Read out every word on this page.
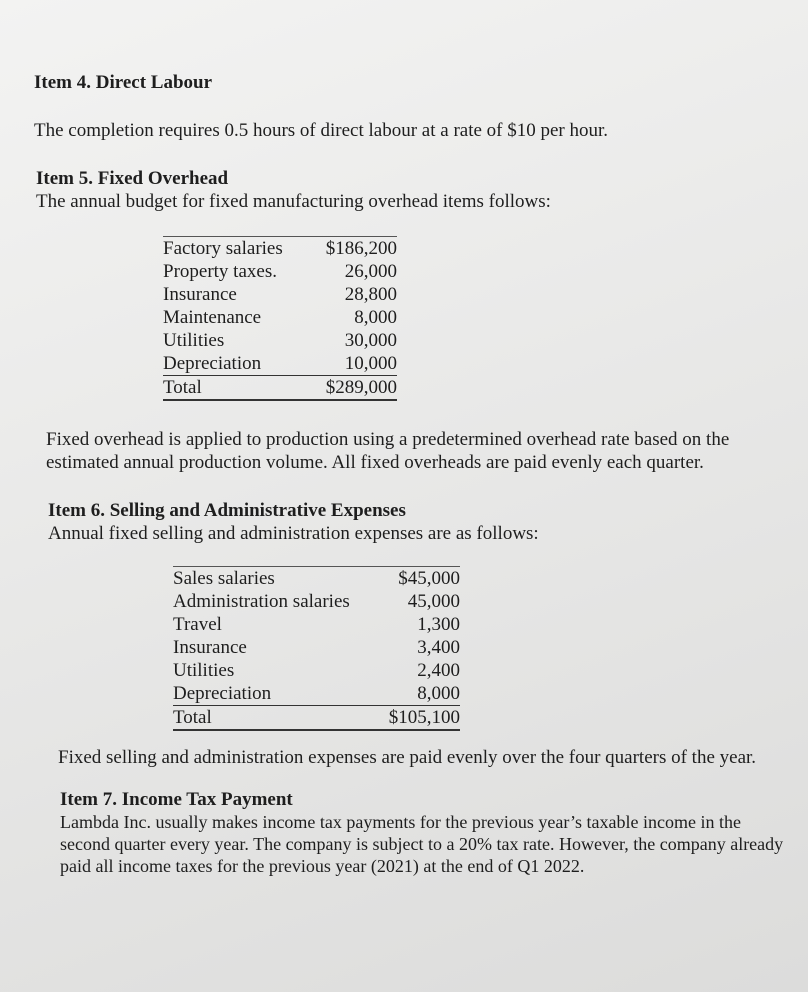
Item 4. Direct Labour

The completion requires 0.5 hours of direct labour at a rate of $10 per hour.

Item 5. Fixed Overhead

The annual budget for fixed manufacturing overhead items follows:

Factory salaries	$186,200
Property taxes.	26,000
Insurance	28,800
Maintenance	8,000
Utilities	30,000
Depreciation	10,000
Total	$289,000

Fixed overhead is applied to production using a predetermined overhead rate based on the estimated annual production volume. All fixed overheads are paid evenly each quarter.

Item 6. Selling and Administrative Expenses

Annual fixed selling and administration expenses are as follows:

Sales salaries	$45,000
Administration salaries	45,000
Travel	1,300
Insurance	3,400
Utilities	2,400
Depreciation	8,000
Total	$105,100

Fixed selling and administration expenses are paid evenly over the four quarters of the year.

Item 7. Income Tax Payment

Lambda Inc. usually makes income tax payments for the previous year’s taxable income in the second quarter every year. The company is subject to a 20% tax rate. However, the company already paid all income taxes for the previous year (2021) at the end of Q1 2022.
